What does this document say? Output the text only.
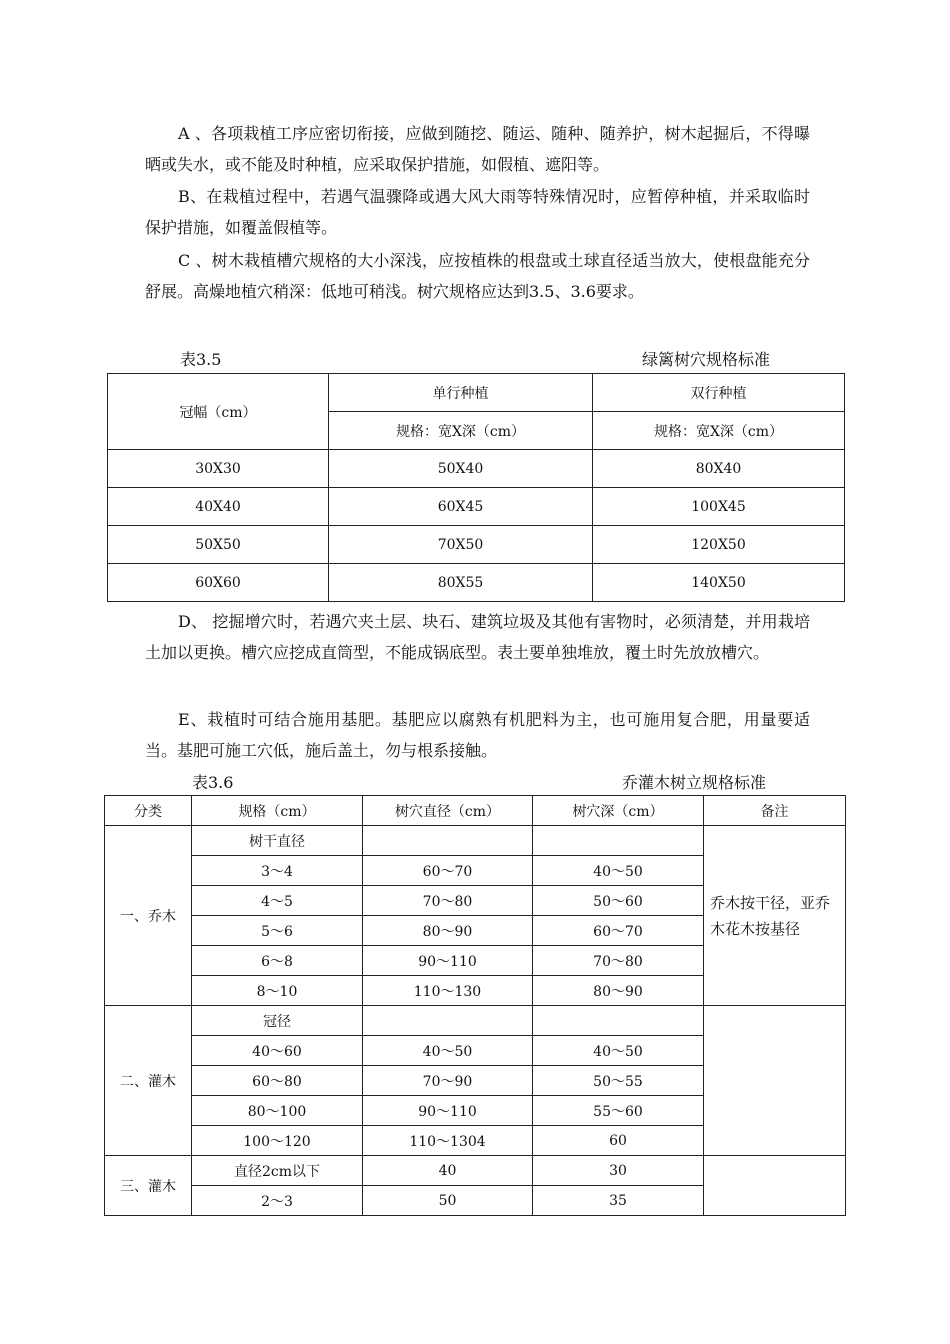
A 、各项栽植工序应密切衔接，应做到随挖、随运、随种、随养护，树木起掘后，不得曝晒或失水，或不能及时种植，应采取保护措施，如假植、遮阳等。

B、在栽植过程中，若遇气温骤降或遇大风大雨等特殊情况时，应暂停种植，并采取临时保护措施，如覆盖假植等。

C 、树木栽植槽穴规格的大小深浅，应按植株的根盘或土球直径适当放大，使根盘能充分舒展。高燥地植穴稍深：低地可稍浅。树穴规格应达到3.5、3.6要求。

表3.5	绿篱树穴规格标准
冠幅（cm）	单行种植	双行种植
	规格：宽X深（cm）	规格：宽X深（cm）
30X30	50X40	80X40
40X40	60X45	100X45
50X50	70X50	120X50
60X60	80X55	140X50

D、 挖掘增穴时，若遇穴夹土层、块石、建筑垃圾及其他有害物时，必须清楚，并用栽培土加以更换。槽穴应挖成直筒型，不能成锅底型。表土要单独堆放，覆土时先放放槽穴。

E、栽植时可结合施用基肥。基肥应以腐熟有机肥料为主，也可施用复合肥，用量要适当。基肥可施工穴低，施后盖土，勿与根系接触。

表3.6	乔灌木树立规格标准
分类	规格（cm）	树穴直径（cm）	树穴深（cm）	备注
一、乔木	树干直径			乔木按干径，亚乔木花木按基径
	3～4	60～70	40～50	
	4～5	70～80	50～60	
	5～6	80～90	60～70	
	6～8	90～110	70～80	
	8～10	110～130	80～90	
二、灌木	冠径			
	40～60	40～50	40～50	
	60～80	70～90	50～55	
	80～100	90～110	55～60	
	100～120	110～1304	60	
三、灌木	直径2cm以下	40	30	
	2～3	50	35	
